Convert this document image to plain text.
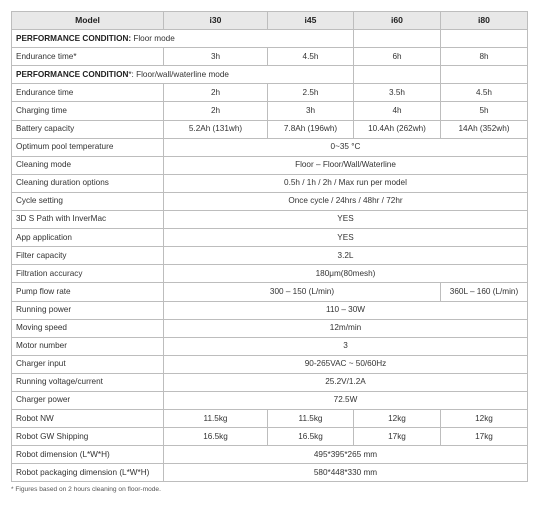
Model	i30	i45	i60	i80
PERFORMANCE CONDITION: Floor mode				
Endurance time*	3h	4.5h	6h	8h
PERFORMANCE CONDITION*: Floor/wall/waterline mode				
Endurance time	2h	2.5h	3.5h	4.5h
Charging time	2h	3h	4h	5h
Battery capacity	5.2Ah (131wh)	7.8Ah (196wh)	10.4Ah (262wh)	14Ah (352wh)
Optimum pool temperature	0~35 °C			
Cleaning mode	Floor – Floor/Wall/Waterline			
Cleaning duration options	0.5h / 1h / 2h / Max run per model			
Cycle setting	Once cycle / 24hrs / 48hr / 72hr			
3D S Path with InverMac	YES			
App application	YES			
Filter capacity	3.2L			
Filtration accuracy	180μm(80mesh)			
Pump flow rate	300 – 150 (L/min)			360L – 160 (L/min)
Running power	110 – 30W			
Moving speed	12m/min			
Motor number	3			
Charger input	90-265VAC ~ 50/60Hz			
Running voltage/current	25.2V/1.2A			
Charger power	72.5W			
Robot NW	11.5kg	11.5kg	12kg	12kg
Robot GW Shipping	16.5kg	16.5kg	17kg	17kg
Robot dimension (L*W*H)	495*395*265 mm			
Robot packaging dimension (L*W*H)	580*448*330 mm			
* Figures based on 2 hours cleaning on floor-mode.
